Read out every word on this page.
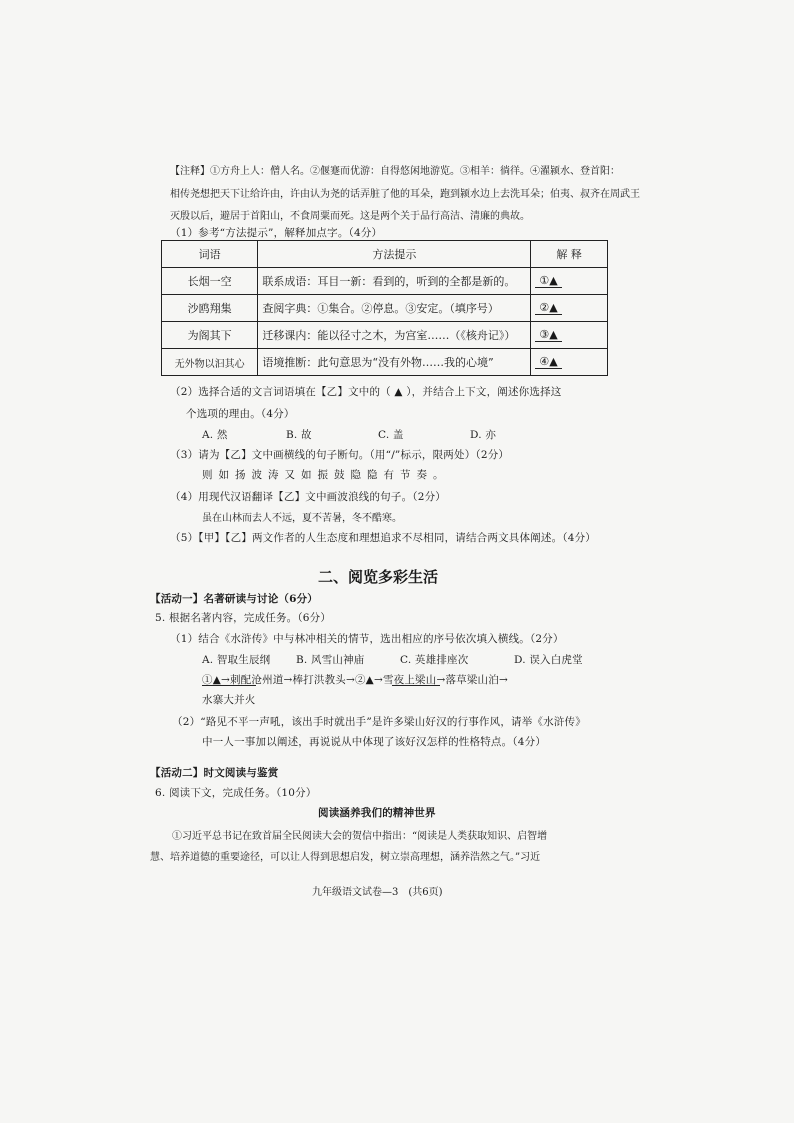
【注释】①方舟上人：僧人名。②偃蹇而优游：自得悠闲地游览。③相羊：徜徉。④濯颍水、登首阳：
相传尧想把天下让给许由，许由认为尧的话弄脏了他的耳朵，跑到颍水边上去洗耳朵；伯夷、叔齐在周武王
灭殷以后，避居于首阳山，不食周粟而死。这是两个关于品行高洁、清廉的典故。
（1）参考“方法提示”，解释加点字。（4分）
词语	方法提示	解 释
长烟一空	联系成语：耳目一新：看到的，听到的全都是新的。	①▲
沙鸥翔集	查阅字典：①集合。②停息。③安定。（填序号）	②▲
为阁其下	迁移课内：能以径寸之木，为宫室……（《核舟记》）	③▲
无外物以汩其心	语境推断：此句意思为“没有外物……我的心境”	④▲
（2）选择合适的文言词语填在【乙】文中的（ ▲ ），并结合上下文，阐述你选择这
个选项的理由。（4分）
A. 然	B. 故	C. 盖	D. 亦
（3）请为【乙】文中画横线的句子断句。（用“/”标示，限两处）（2分）
则如扬波涛又如振鼓隐隐有节奏。
（4）用现代汉语翻译【乙】文中画波浪线的句子。（2分）
虽在山林而去人不远，夏不苦暑，冬不酷寒。
（5）【甲】【乙】两文作者的人生态度和理想追求不尽相同，请结合两文具体阐述。（4分）
二、阅览多彩生活
【活动一】名著研读与讨论（6分）
5. 根据名著内容，完成任务。（6分）
（1）结合《水浒传》中与林冲相关的情节，选出相应的序号依次填入横线。（2分）
A. 智取生辰纲 B. 风雪山神庙	C. 英雄排座次	D. 误入白虎堂
①▲→刺配沧州道→棒打洪教头→②▲→雪夜上梁山→落草梁山泊→
水寨大并火
（2）“路见不平一声吼，该出手时就出手”是许多梁山好汉的行事作风，请举《水浒传》
中一人一事加以阐述，再说说从中体现了该好汉怎样的性格特点。（4分）
【活动二】时文阅读与鉴赏
6. 阅读下文，完成任务。（10分）
阅读涵养我们的精神世界
①习近平总书记在致首届全民阅读大会的贺信中指出：“阅读是人类获取知识、启智增
慧、培养道德的重要途径，可以让人得到思想启发，树立崇高理想，涵养浩然之气。”习近
九年级语文试卷—3　(共6页)
